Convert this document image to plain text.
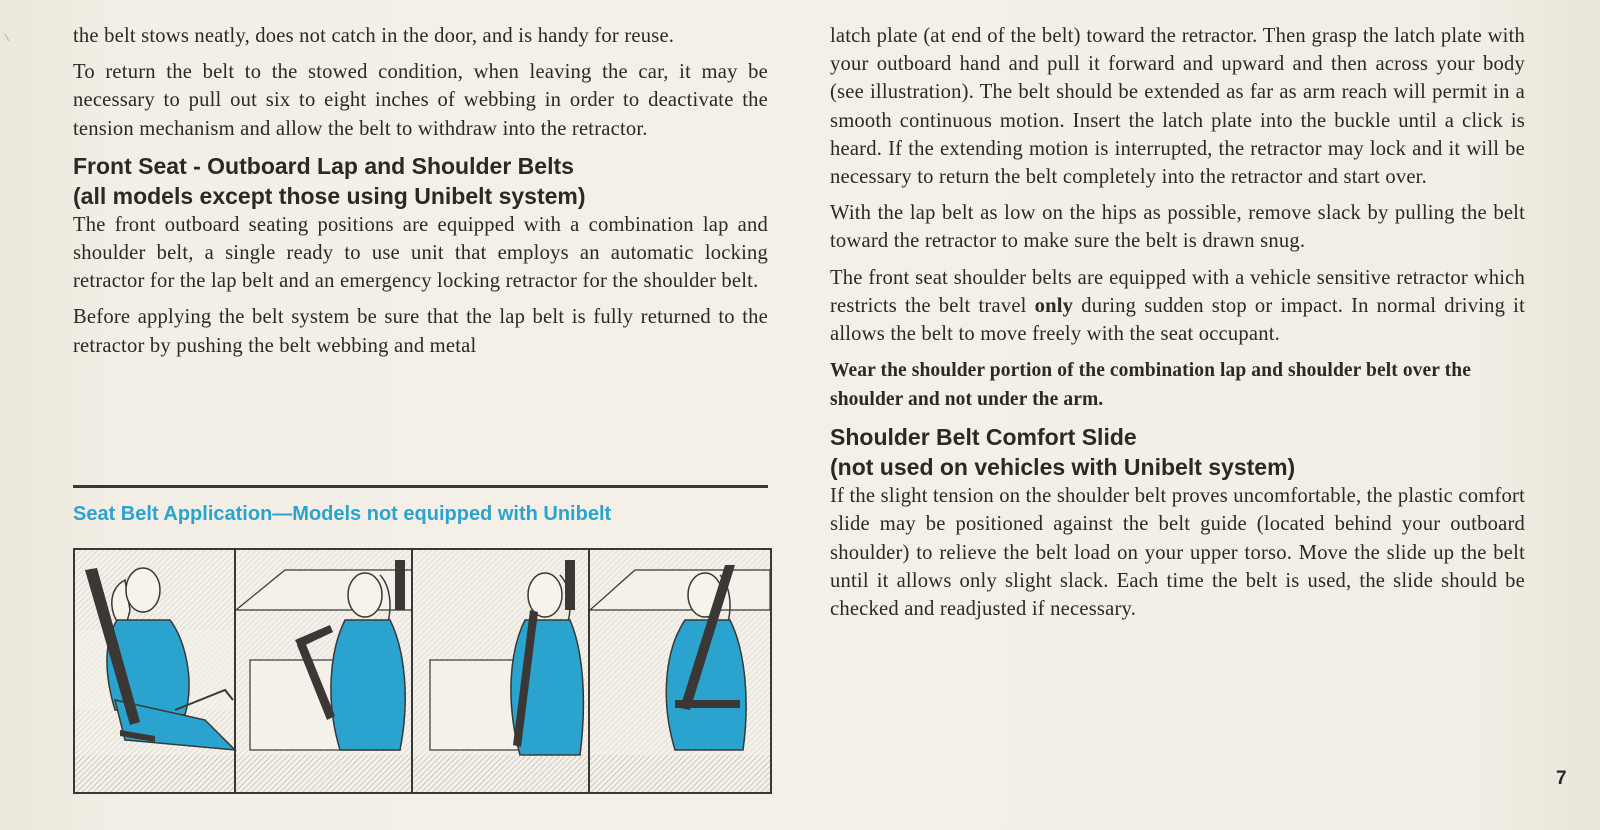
the belt stows neatly, does not catch in the door, and is handy for reuse.

To return the belt to the stowed condition, when leaving the car, it may be necessary to pull out six to eight inches of webbing in order to deactivate the tension mechanism and allow the belt to withdraw into the retractor.

Front Seat - Outboard Lap and Shoulder Belts
(all models except those using Unibelt system)

The front outboard seating positions are equipped with a combination lap and shoulder belt, a single ready to use unit that employs an automatic locking retractor for the lap belt and an emergency locking retractor for the shoulder belt.

Before applying the belt system be sure that the lap belt is fully returned to the retractor by pushing the belt webbing and metal

Seat Belt Application—Models not equipped with Unibelt

latch plate (at end of the belt) toward the retractor. Then grasp the latch plate with your outboard hand and pull it forward and upward and then across your body (see illustration). The belt should be extended as far as arm reach will permit in a smooth continuous motion. Insert the latch plate into the buckle until a click is heard. If the extending motion is interrupted, the retractor may lock and it will be necessary to return the belt completely into the retractor and start over.

With the lap belt as low on the hips as possible, remove slack by pulling the belt toward the retractor to make sure the belt is drawn snug.

The front seat shoulder belts are equipped with a vehicle sensitive retractor which restricts the belt travel only during sudden stop or impact. In normal driving it allows the belt to move freely with the seat occupant.

Wear the shoulder portion of the combination lap and shoulder belt over the shoulder and not under the arm.

Shoulder Belt Comfort Slide
(not used on vehicles with Unibelt system)

If the slight tension on the shoulder belt proves uncomfortable, the plastic comfort slide may be positioned against the belt guide (located behind your outboard shoulder) to relieve the belt load on your upper torso. Move the slide up the belt until it allows only slight slack. Each time the belt is used, the slide should be checked and readjusted if necessary.

7
